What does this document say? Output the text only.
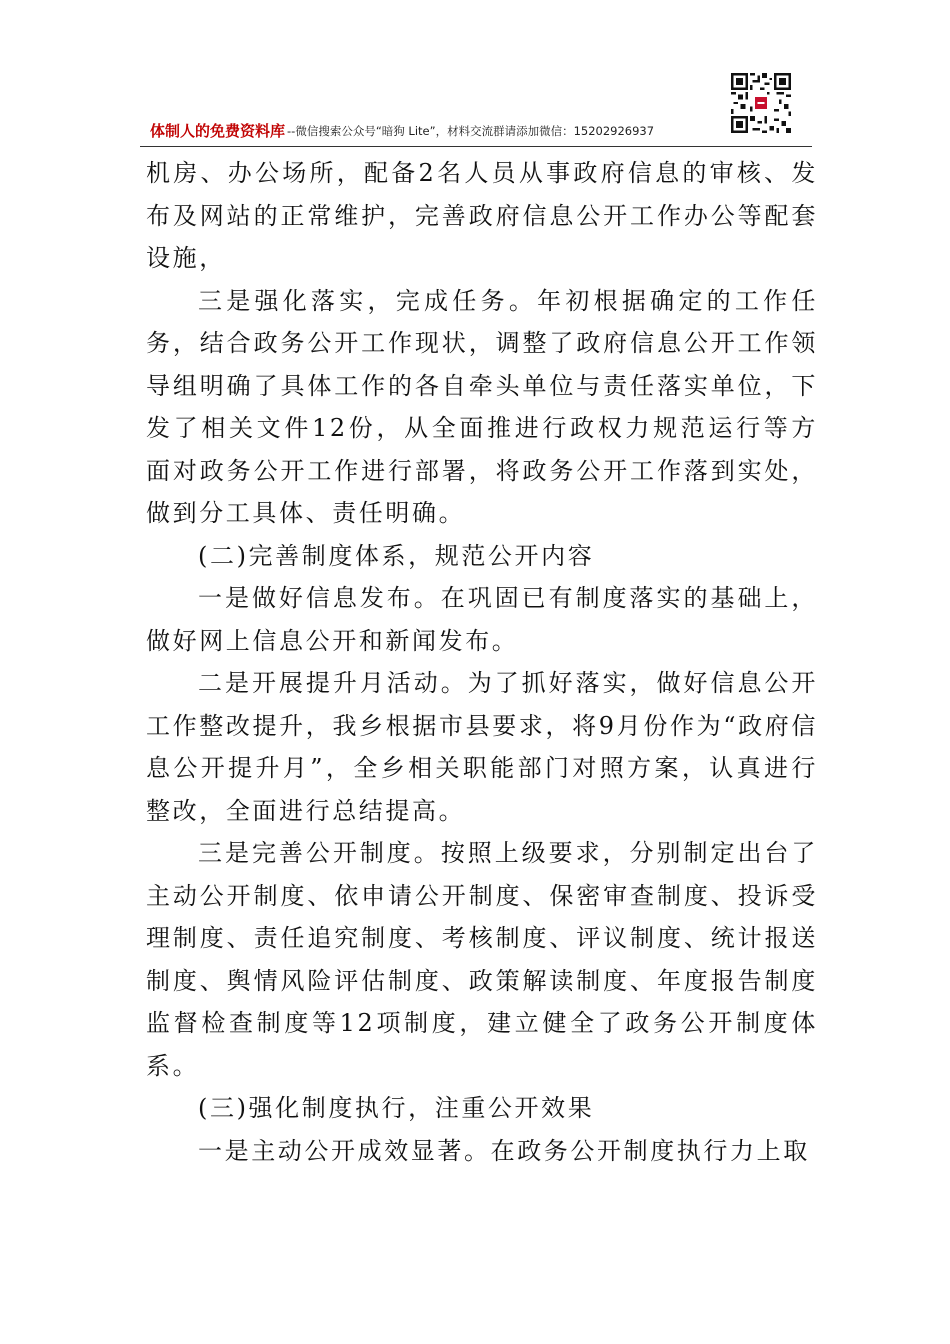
体制人的免费资料库 --微信搜索公众号“暗狗 Lite”，材料交流群请添加微信：15202926937

机房、办公场所，配备2名人员从事政府信息的审核、发布及网站的正常维护，完善政府信息公开工作办公等配套设施，

三是强化落实，完成任务。年初根据确定的工作任务，结合政务公开工作现状，调整了政府信息公开工作领导组明确了具体工作的各自牵头单位与责任落实单位，下发了相关文件12份，从全面推进行政权力规范运行等方面对政务公开工作进行部署，将政务公开工作落到实处，做到分工具体、责任明确。

(二)完善制度体系，规范公开内容

一是做好信息发布。在巩固已有制度落实的基础上，做好网上信息公开和新闻发布。

二是开展提升月活动。为了抓好落实，做好信息公开工作整改提升，我乡根据市县要求，将9月份作为“政府信息公开提升月”，全乡相关职能部门对照方案，认真进行整改，全面进行总结提高。

三是完善公开制度。按照上级要求，分别制定出台了主动公开制度、依申请公开制度、保密审查制度、投诉受理制度、责任追究制度、考核制度、评议制度、统计报送制度、舆情风险评估制度、政策解读制度、年度报告制度监督检查制度等12项制度，建立健全了政务公开制度体系。

(三)强化制度执行，注重公开效果

一是主动公开成效显著。在政务公开制度执行力上取
